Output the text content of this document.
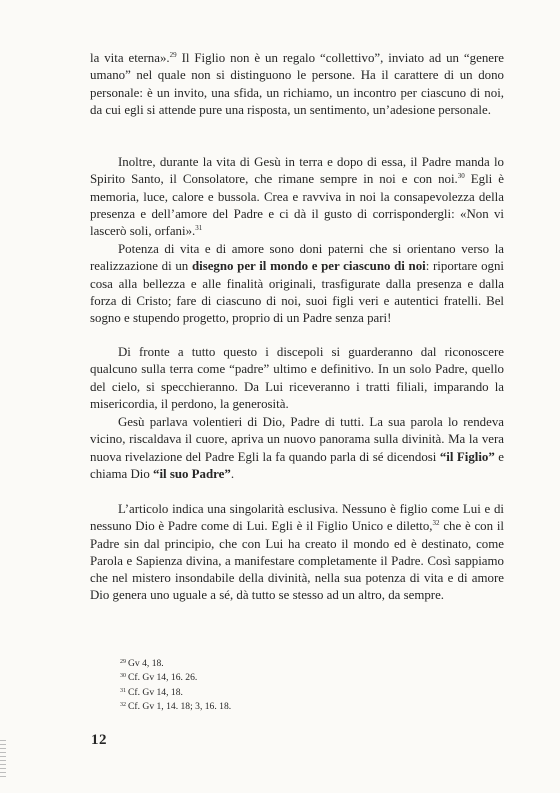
la vita eterna».$^{29}$ Il Figlio non è un regalo “collettivo”, inviato ad un “genere umano” nel quale non si distinguono le persone. Ha il carattere di un dono personale: è un invito, una sfida, un richiamo, un incontro per ciascuno di noi, da cui egli si attende pure una risposta, un sentimento, un’adesione personale.

Inoltre, durante la vita di Gesù in terra e dopo di essa, il Padre manda lo Spirito Santo, il Consolatore, che rimane sempre in noi e con noi.$^{30}$ Egli è memoria, luce, calore e bussola. Crea e ravviva in noi la consapevolezza della presenza e dell’amore del Padre e ci dà il gusto di corrispondergli: «Non vi lascerò soli, orfani».$^{31}$

Potenza di vita e di amore sono doni paterni che si orientano verso la realizzazione di un disegno per il mondo e per ciascuno di noi: riportare ogni cosa alla bellezza e alle finalità originali, trasfigurate dalla presenza e dalla forza di Cristo; fare di ciascuno di noi, suoi figli veri e autentici fratelli. Bel sogno e stupendo progetto, proprio di un Padre senza pari!

Di fronte a tutto questo i discepoli si guarderanno dal riconoscere qualcuno sulla terra come “padre” ultimo e definitivo. In un solo Padre, quello del cielo, si specchieranno. Da Lui riceveranno i tratti filiali, imparando la misericordia, il perdono, la generosità.

Gesù parlava volentieri di Dio, Padre di tutti. La sua parola lo rendeva vicino, riscaldava il cuore, apriva un nuovo panorama sulla divinità. Ma la vera nuova rivelazione del Padre Egli la fa quando parla di sé dicendosi “il Figlio” e chiama Dio “il suo Padre”.

L’articolo indica una singolarità esclusiva. Nessuno è figlio come Lui e di nessuno Dio è Padre come di Lui. Egli è il Figlio Unico e diletto,$^{32}$ che è con il Padre sin dal principio, che con Lui ha creato il mondo ed è destinato, come Parola e Sapienza divina, a manifestare completamente il Padre. Così sappiamo che nel mistero insondabile della divinità, nella sua potenza di vita e di amore Dio genera uno uguale a sé, dà tutto se stesso ad un altro, da sempre.

$^{29}$ Gv 4, 18.
$^{30}$ Cf. Gv 14, 16. 26.
$^{31}$ Cf. Gv 14, 18.
$^{32}$ Cf. Gv 1, 14. 18; 3, 16. 18.
12
